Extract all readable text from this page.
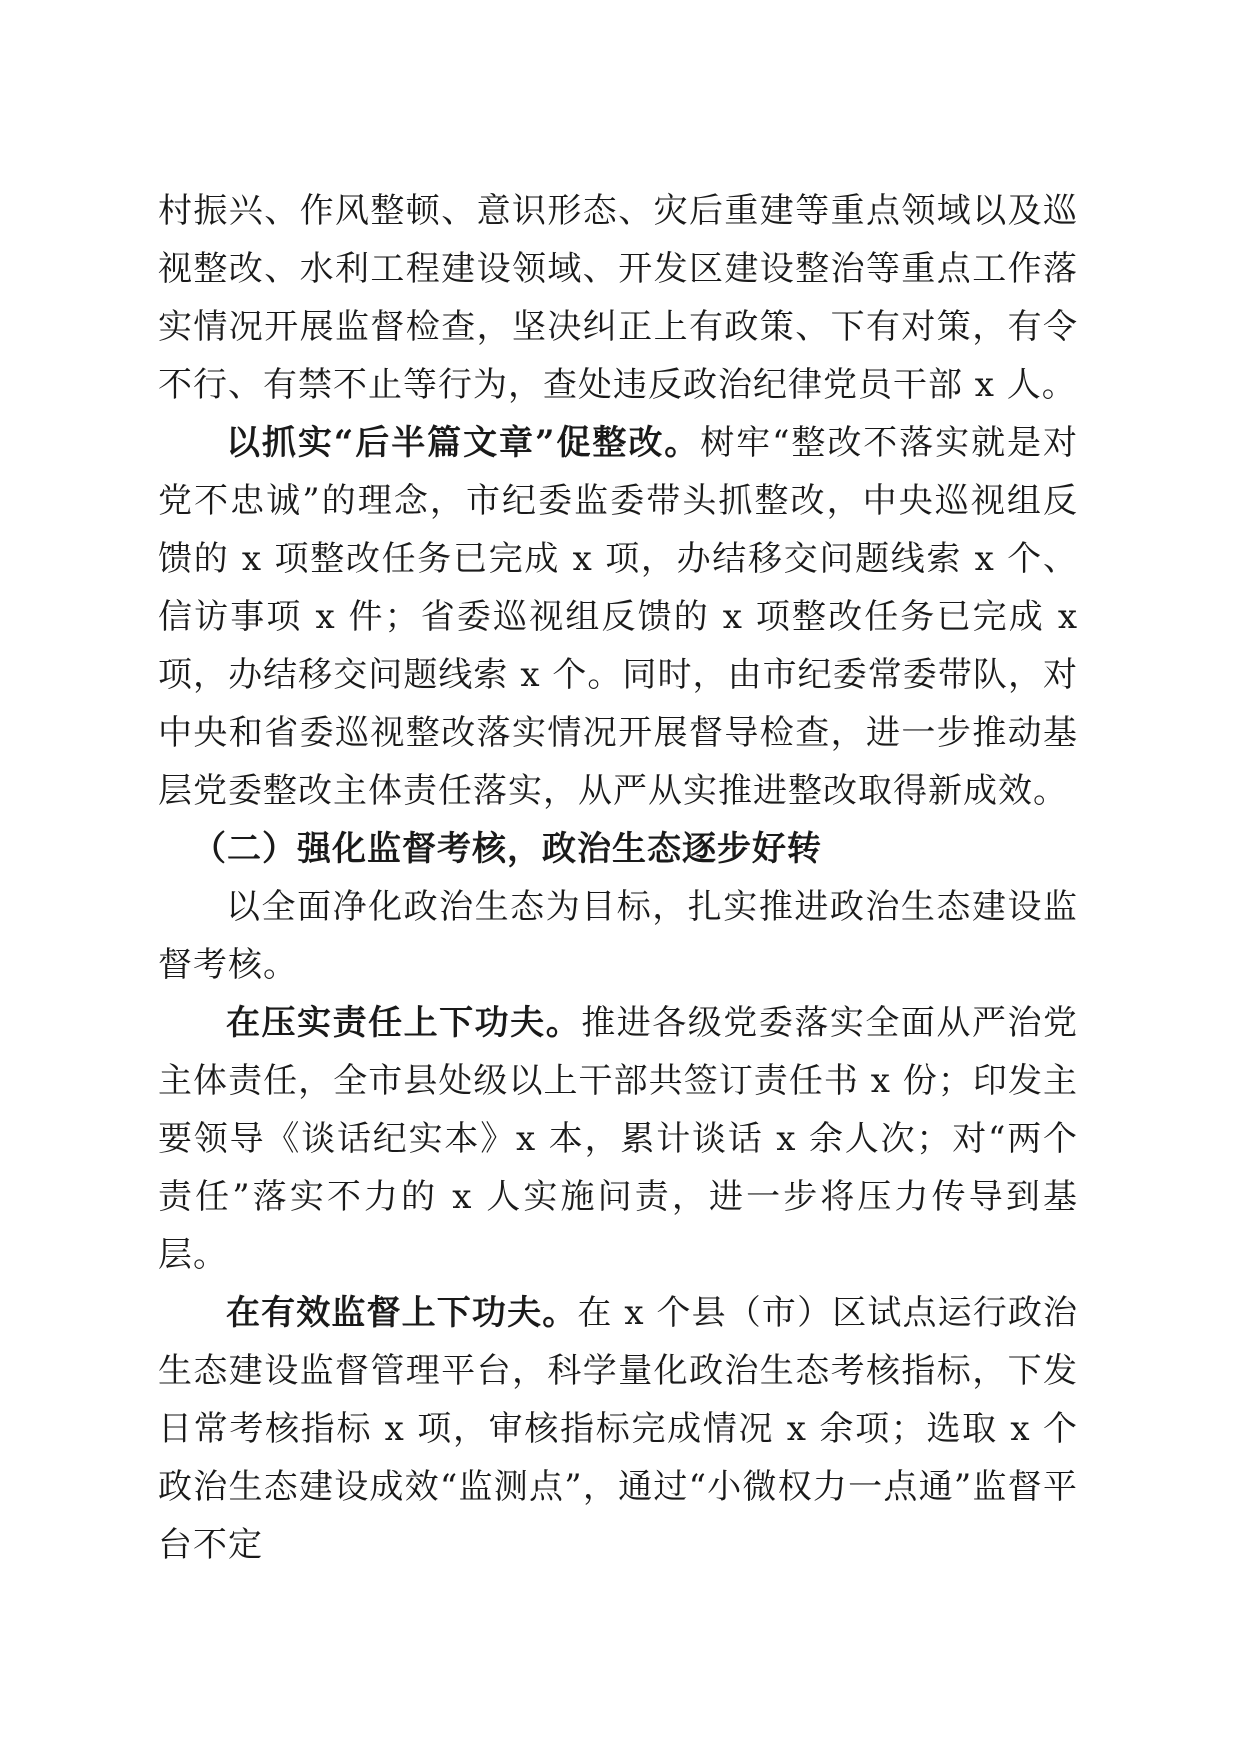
村振兴、作风整顿、意识形态、灾后重建等重点领域以及巡视整改、水利工程建设领域、开发区建设整治等重点工作落实情况开展监督检查，坚决纠正上有政策、下有对策，有令不行、有禁不止等行为，查处违反政治纪律党员干部 x 人。

以抓实“后半篇文章”促整改。树牢“整改不落实就是对党不忠诚”的理念，市纪委监委带头抓整改，中央巡视组反馈的 x 项整改任务已完成 x 项，办结移交问题线索 x 个、信访事项 x 件；省委巡视组反馈的 x 项整改任务已完成 x 项，办结移交问题线索 x 个。同时，由市纪委常委带队，对中央和省委巡视整改落实情况开展督导检查，进一步推动基层党委整改主体责任落实，从严从实推进整改取得新成效。

（二）强化监督考核，政治生态逐步好转

以全面净化政治生态为目标，扎实推进政治生态建设监督考核。

在压实责任上下功夫。推进各级党委落实全面从严治党主体责任，全市县处级以上干部共签订责任书 x 份；印发主要领导《谈话纪实本》x 本，累计谈话 x 余人次；对“两个责任”落实不力的 x 人实施问责，进一步将压力传导到基层。

在有效监督上下功夫。在 x 个县（市）区试点运行政治生态建设监督管理平台，科学量化政治生态考核指标，下发日常考核指标 x 项，审核指标完成情况 x 余项；选取 x 个政治生态建设成效“监测点”，通过“小微权力一点通”监督平台不定
